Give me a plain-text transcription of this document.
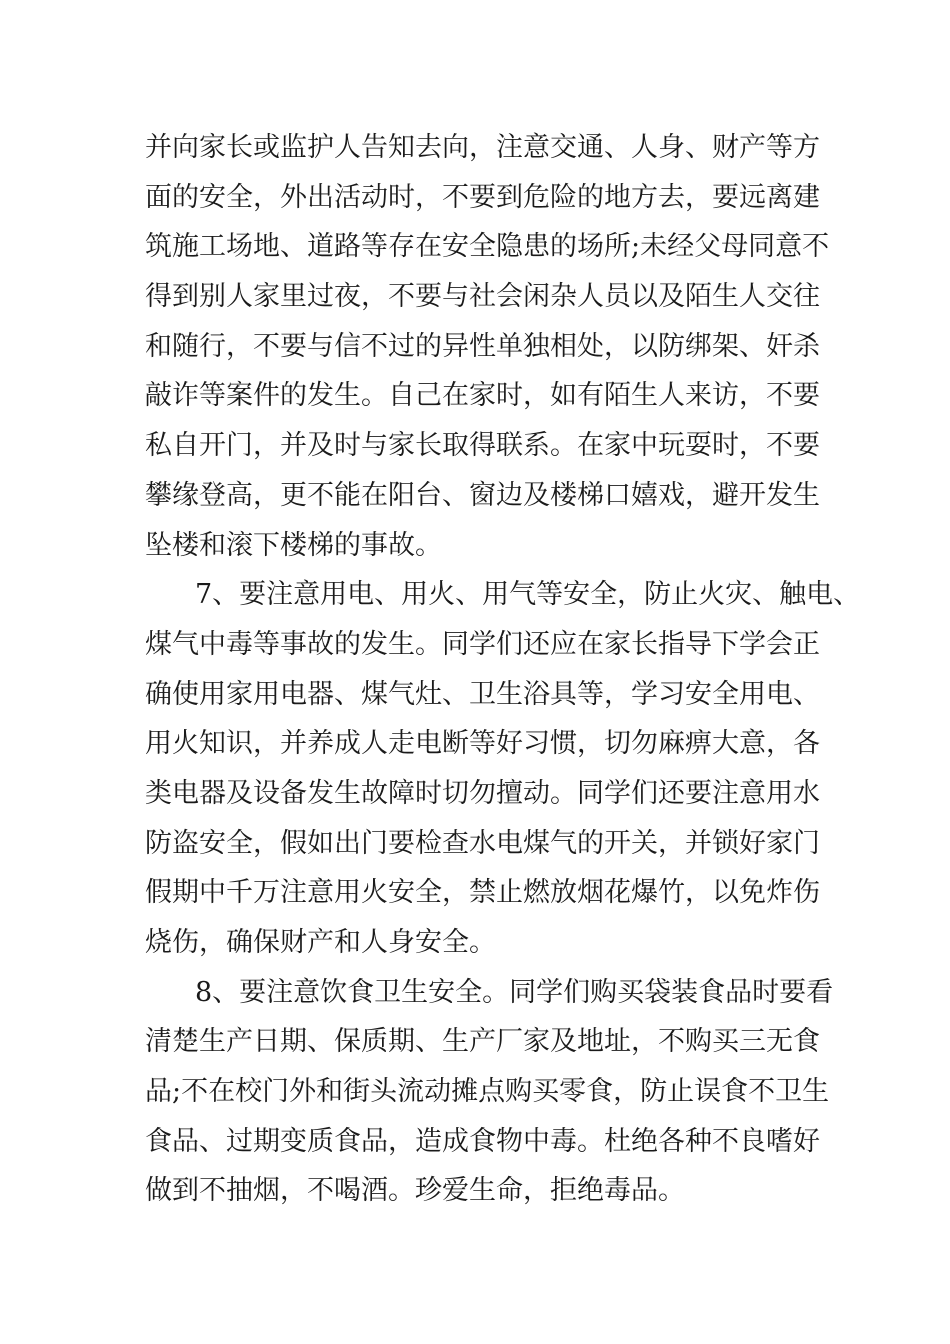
并向家长或监护人告知去向，注意交通、人身、财产等方
面的安全，外出活动时，不要到危险的地方去，要远离建
筑施工场地、道路等存在安全隐患的场所;未经父母同意不
得到别人家里过夜，不要与社会闲杂人员以及陌生人交往
和随行，不要与信不过的异性单独相处，以防绑架、奸杀
敲诈等案件的发生。自己在家时，如有陌生人来访，不要
私自开门，并及时与家长取得联系。在家中玩耍时，不要
攀缘登高，更不能在阳台、窗边及楼梯口嬉戏，避开发生
坠楼和滚下楼梯的事故。
7、要注意用电、用火、用气等安全，防止火灾、触电、
煤气中毒等事故的发生。同学们还应在家长指导下学会正
确使用家用电器、煤气灶、卫生浴具等，学习安全用电、
用火知识，并养成人走电断等好习惯，切勿麻痹大意，各
类电器及设备发生故障时切勿擅动。同学们还要注意用水
防盗安全，假如出门要检查水电煤气的开关，并锁好家门
假期中千万注意用火安全，禁止燃放烟花爆竹，以免炸伤
烧伤，确保财产和人身安全。
8、要注意饮食卫生安全。同学们购买袋装食品时要看
清楚生产日期、保质期、生产厂家及地址，不购买三无食
品;不在校门外和街头流动摊点购买零食，防止误食不卫生
食品、过期变质食品，造成食物中毒。杜绝各种不良嗜好
做到不抽烟，不喝酒。珍爱生命，拒绝毒品。
